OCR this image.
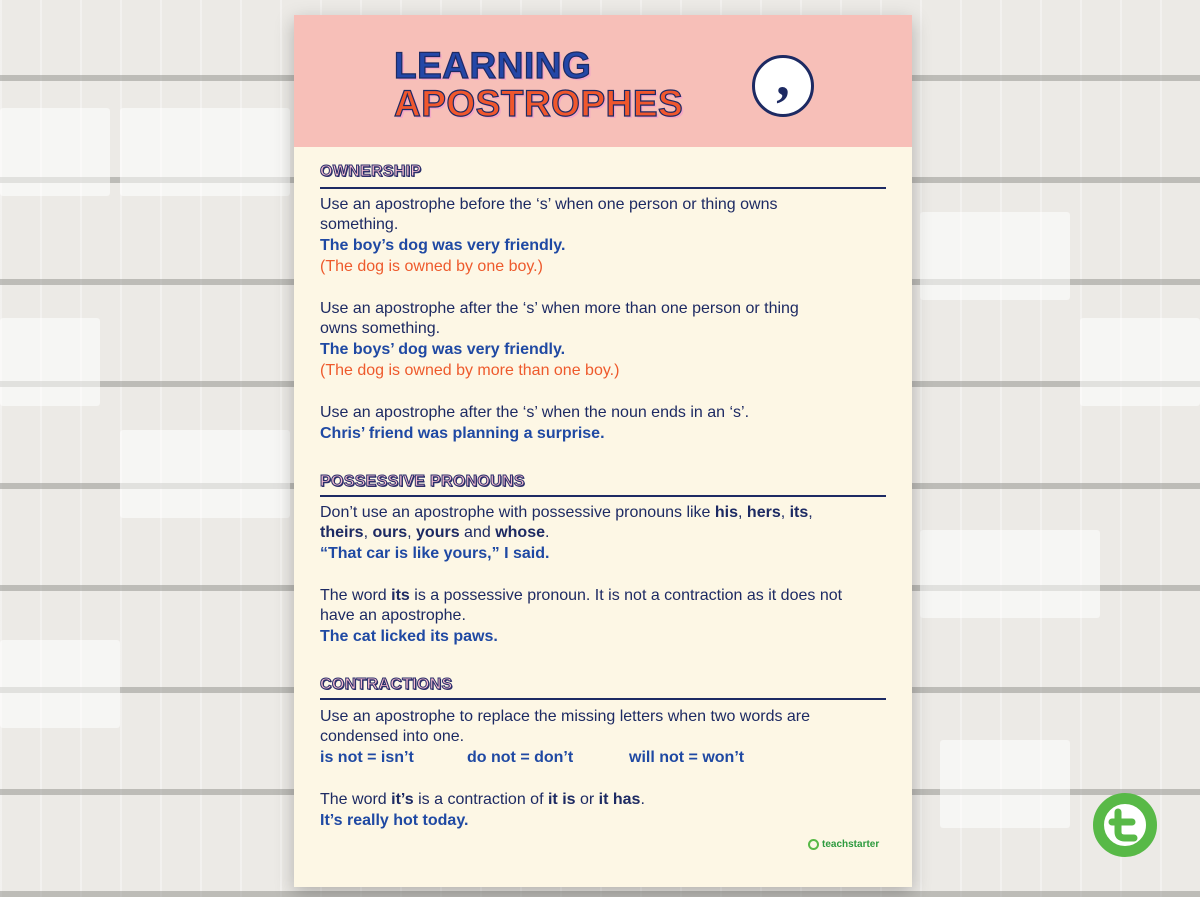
LEARNING
APOSTROPHES	,
OWNERSHIP
Use an apostrophe before the ‘s’ when one person or thing owns
something.
The boy’s dog was very friendly.
(The dog is owned by one boy.)
Use an apostrophe after the ‘s’ when more than one person or thing
owns something.
The boys’ dog was very friendly.
(The dog is owned by more than one boy.)
Use an apostrophe after the ‘s’ when the noun ends in an ‘s’.
Chris’ friend was planning a surprise.
POSSESSIVE PRONOUNS
Don’t use an apostrophe with possessive pronouns like his, hers, its,
theirs, ours, yours and whose.
“That car is like yours,” I said.
The word its is a possessive pronoun. It is not a contraction as it does not
have an apostrophe.
The cat licked its paws.
CONTRACTIONS
Use an apostrophe to replace the missing letters when two words are
condensed into one.
is not = isn’t	do not = don’t	will not = won’t
The word it’s is a contraction of it is or it has.
It’s really hot today.
teachstarter
